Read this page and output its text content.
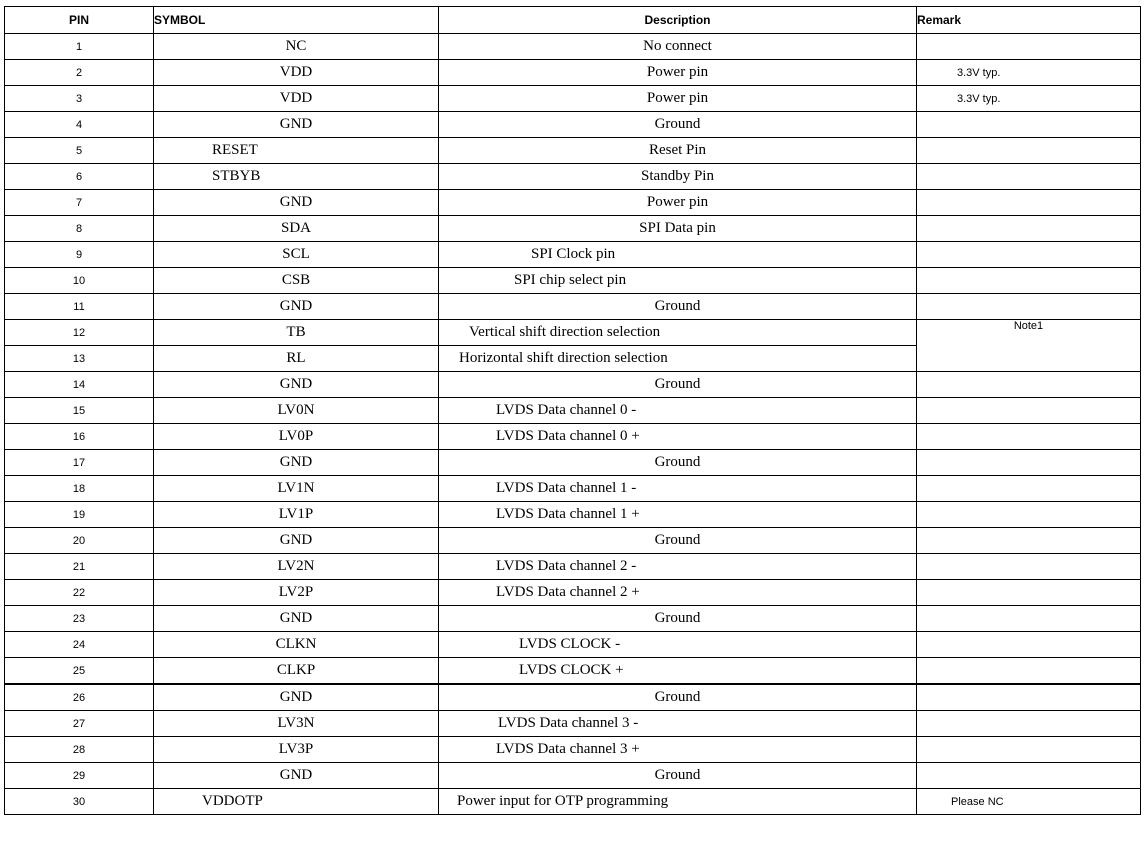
PIN	SYMBOL	Description	Remark
1	NC	No connect	
2	VDD	Power pin	3.3V typ.
3	VDD	Power pin	3.3V typ.
4	GND	Ground	
5	RESET	Reset Pin	
6	STBYB	Standby Pin	
7	GND	Power pin	
8	SDA	SPI Data pin	
9	SCL	SPI Clock pin	
10	CSB	SPI chip select pin	
11	GND	Ground	
12	TB	Vertical shift direction selection	Note1
13	RL	Horizontal shift direction selection	
14	GND	Ground	
15	LV0N	LVDS Data channel 0 -	
16	LV0P	LVDS Data channel 0 +	
17	GND	Ground	
18	LV1N	LVDS Data channel 1 -	
19	LV1P	LVDS Data channel 1 +	
20	GND	Ground	
21	LV2N	LVDS Data channel 2 -	
22	LV2P	LVDS Data channel 2 +	
23	GND	Ground	
24	CLKN	LVDS CLOCK -	
25	CLKP	LVDS CLOCK +	
26	GND	Ground	
27	LV3N	LVDS Data channel 3 -	
28	LV3P	LVDS Data channel 3 +	
29	GND	Ground	
30	VDDOTP	Power input for OTP programming	Please NC
